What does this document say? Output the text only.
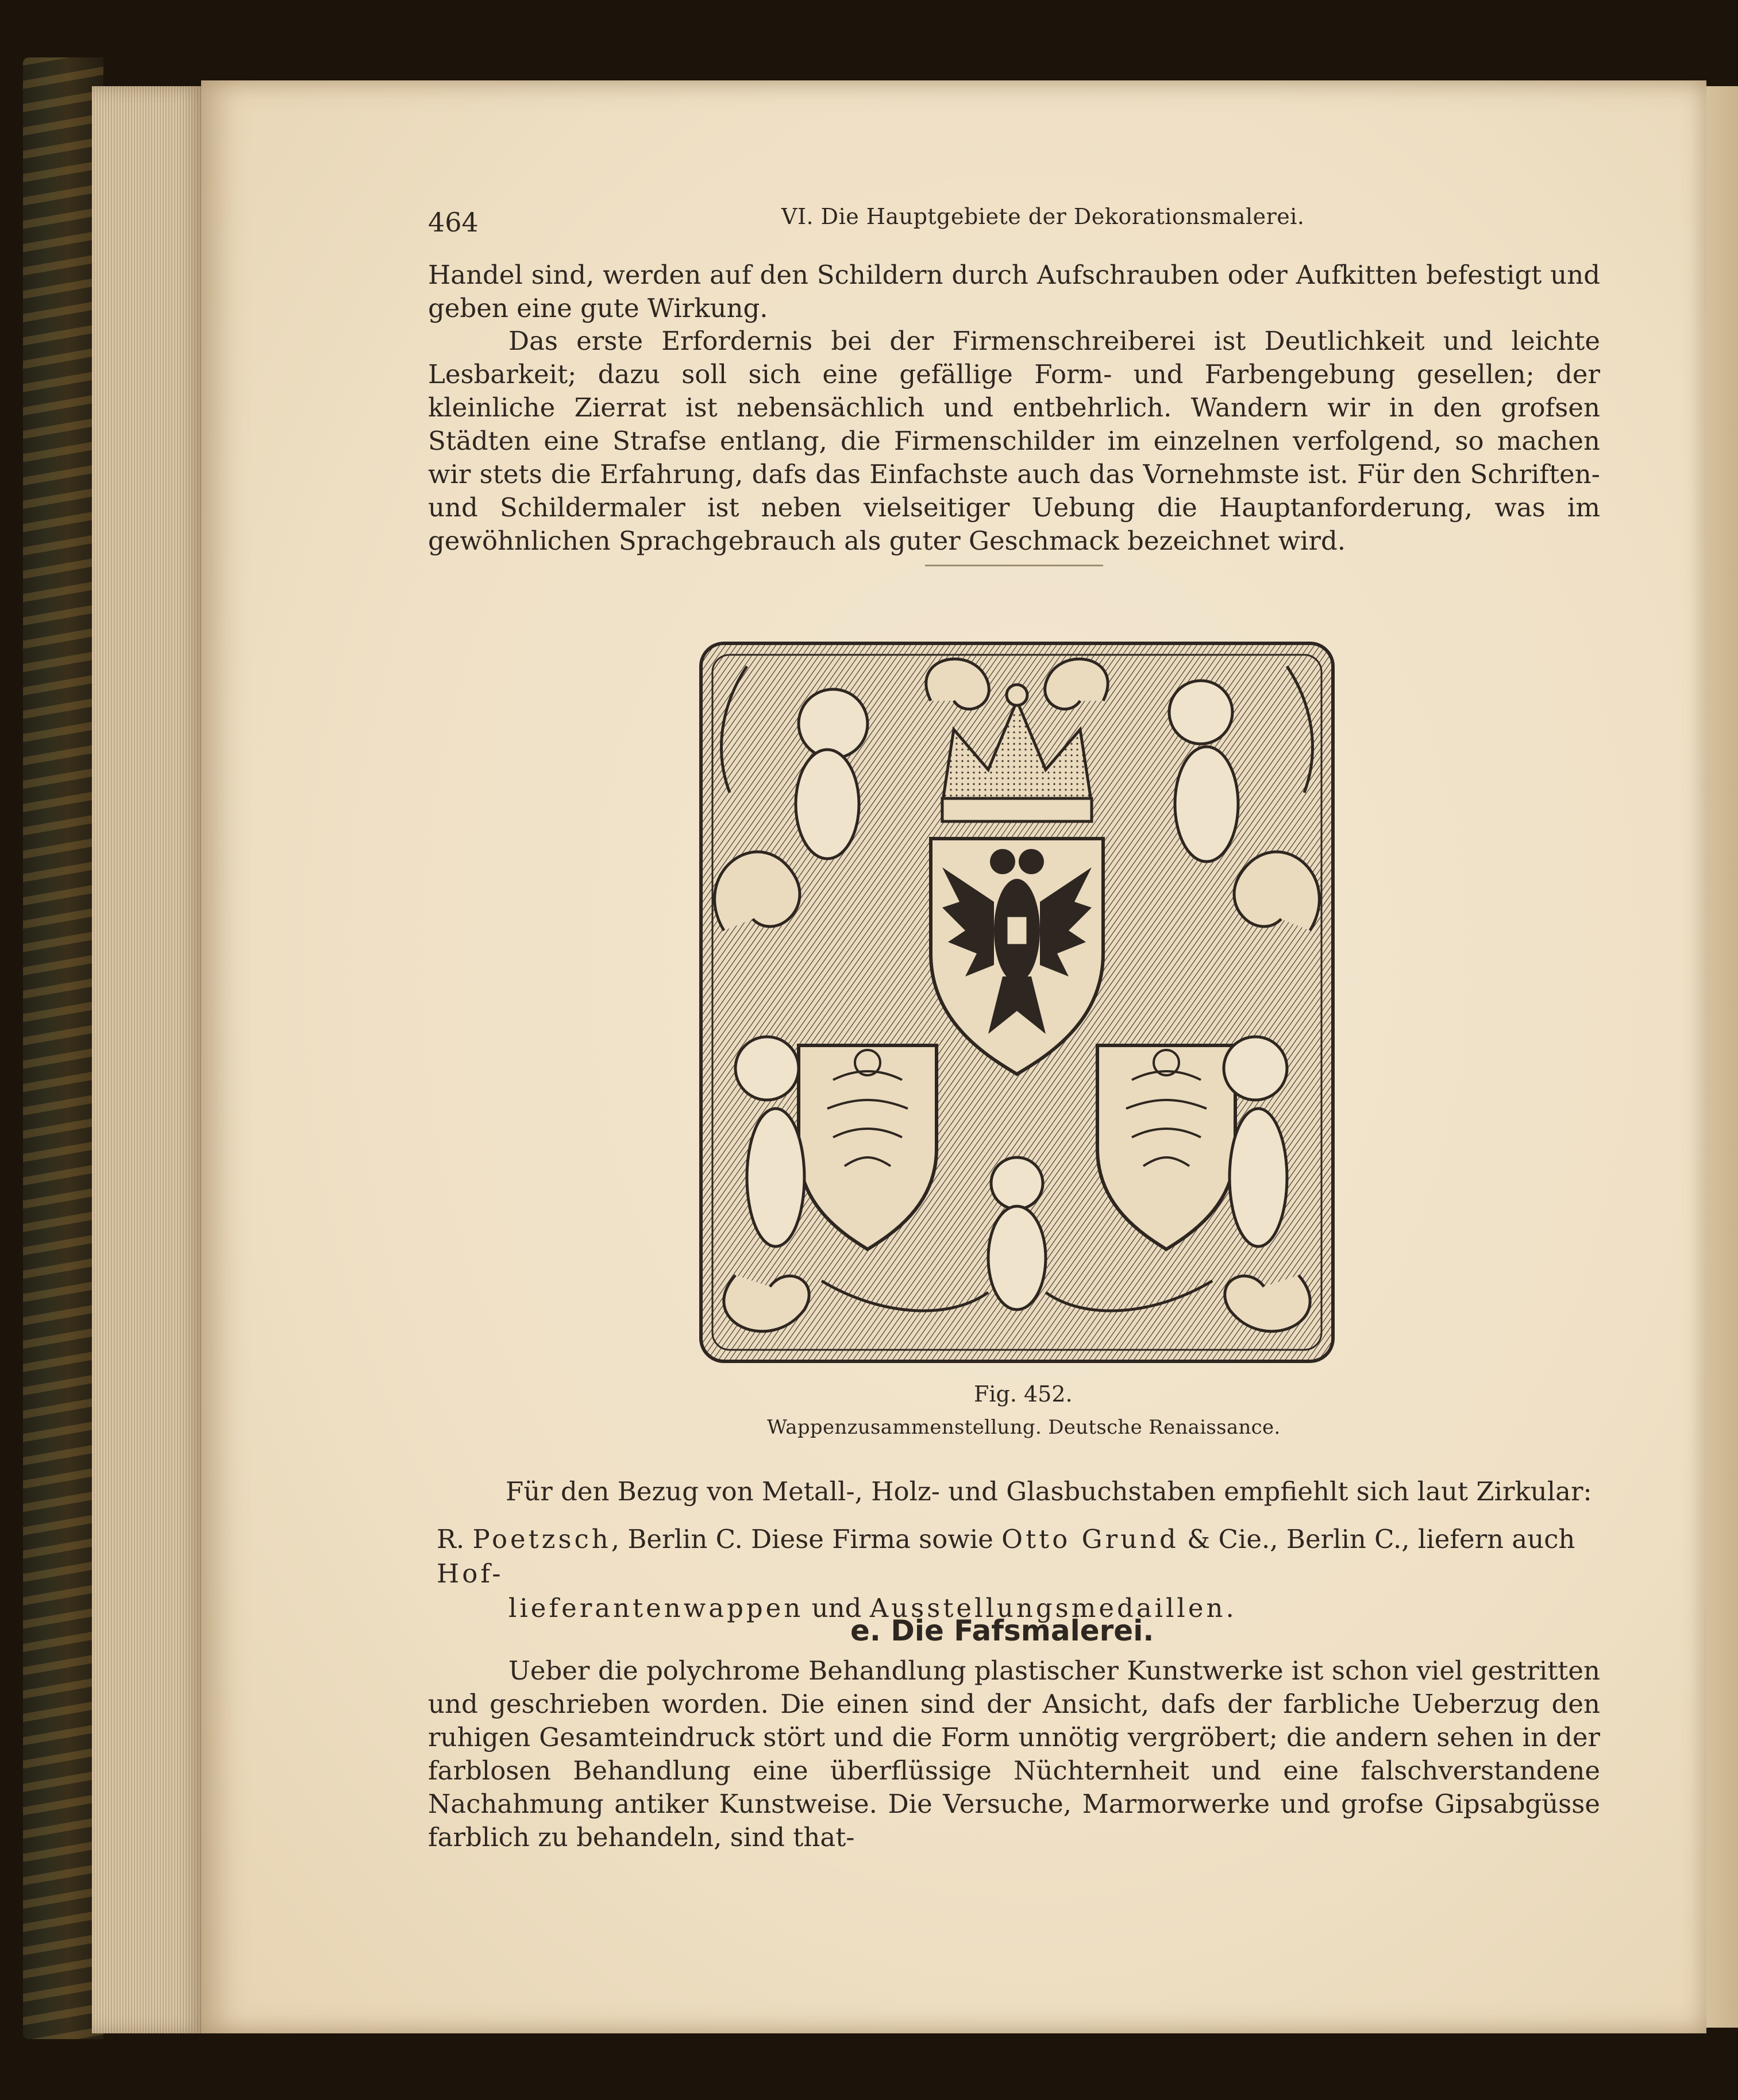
464	VI. Die Hauptgebiete der Dekorationsmalerei.
Handel sind, werden auf den Schildern durch Aufschrauben oder Aufkitten befestigt und geben eine gute Wirkung.
Das erste Erfordernis bei der Firmenschreiberei ist Deutlichkeit und leichte Lesbarkeit; dazu soll sich eine gefällige Form- und Farbengebung gesellen; der kleinliche Zierrat ist nebensächlich und entbehrlich. Wandern wir in den grofsen Städten eine Strafse entlang, die Firmenschilder im einzelnen verfolgend, so machen wir stets die Erfahrung, dafs das Einfachste auch das Vornehmste ist. Für den Schriften- und Schildermaler ist neben vielseitiger Uebung die Hauptanforderung, was im gewöhnlichen Sprachgebrauch als guter Geschmack bezeichnet wird.
Fig. 452.
Wappenzusammenstellung. Deutsche Renaissance.
Für den Bezug von Metall-, Holz- und Glasbuchstaben empfiehlt sich laut Zirkular:
R. Poetzsch, Berlin C. Diese Firma sowie Otto Grund & Cie., Berlin C., liefern auch Hof-
lieferantenwappen und Ausstellungsmedaillen.
e. Die Fafsmalerei.
Ueber die polychrome Behandlung plastischer Kunstwerke ist schon viel gestritten und geschrieben worden. Die einen sind der Ansicht, dafs der farbliche Ueberzug den ruhigen Gesamteindruck stört und die Form unnötig vergröbert; die andern sehen in der farblosen Behandlung eine überflüssige Nüchternheit und eine falschverstandene Nachahmung antiker Kunstweise. Die Versuche, Marmorwerke und grofse Gipsabgüsse farblich zu behandeln, sind that-
